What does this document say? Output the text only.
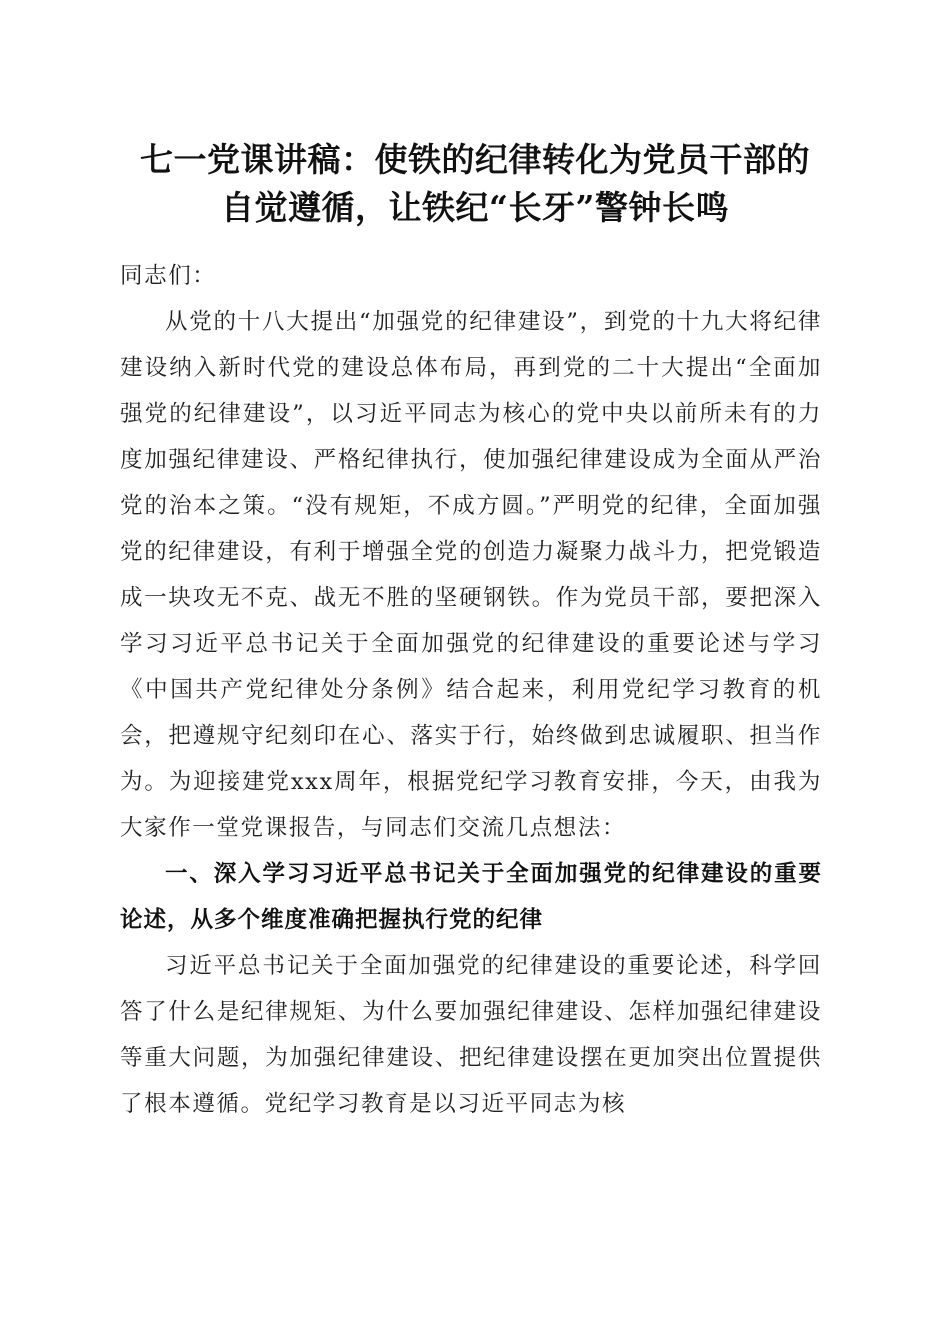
七一党课讲稿：使铁的纪律转化为党员干部的
自觉遵循，让铁纪“长牙”警钟长鸣

同志们：

从党的十八大提出“加强党的纪律建设”，到党的十九大将纪律建设纳入新时代党的建设总体布局，再到党的二十大提出“全面加强党的纪律建设”，以习近平同志为核心的党中央以前所未有的力度加强纪律建设、严格纪律执行，使加强纪律建设成为全面从严治党的治本之策。“没有规矩，不成方圆。”严明党的纪律，全面加强党的纪律建设，有利于增强全党的创造力凝聚力战斗力，把党锻造成一块攻无不克、战无不胜的坚硬钢铁。作为党员干部，要把深入学习习近平总书记关于全面加强党的纪律建设的重要论述与学习《中国共产党纪律处分条例》结合起来，利用党纪学习教育的机会，把遵规守纪刻印在心、落实于行，始终做到忠诚履职、担当作为。为迎接建党xxx周年，根据党纪学习教育安排，今天，由我为大家作一堂党课报告，与同志们交流几点想法：

一、深入学习习近平总书记关于全面加强党的纪律建设的重要论述，从多个维度准确把握执行党的纪律

习近平总书记关于全面加强党的纪律建设的重要论述，科学回答了什么是纪律规矩、为什么要加强纪律建设、怎样加强纪律建设等重大问题，为加强纪律建设、把纪律建设摆在更加突出位置提供了根本遵循。党纪学习教育是以习近平同志为核
